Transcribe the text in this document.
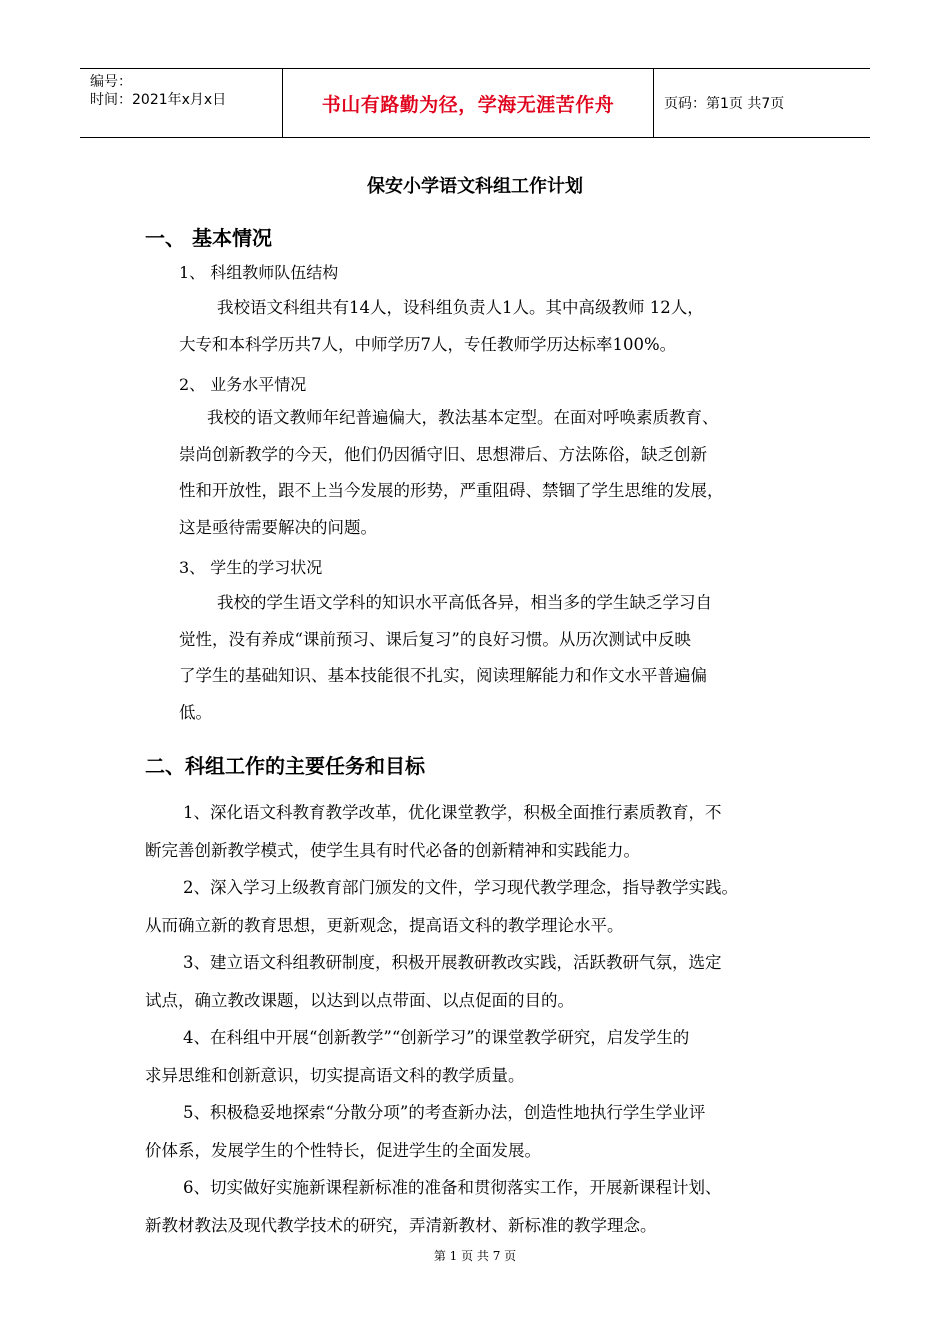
编号：
时间：2021年x月x日	书山有路勤为径，学海无涯苦作舟	页码：第1页 共7页
保安小学语文科组工作计划
一、 基本情况
1、 科组教师队伍结构
我校语文科组共有14人，设科组负责人1人。其中高级教师 12人，
大专和本科学历共7人，中师学历7人，专任教师学历达标率100%。
2、 业务水平情况
我校的语文教师年纪普遍偏大，教法基本定型。在面对呼唤素质教育、
崇尚创新教学的今天，他们仍因循守旧、思想滞后、方法陈俗，缺乏创新
性和开放性，跟不上当今发展的形势，严重阻碍、禁锢了学生思维的发展，
这是亟待需要解决的问题。
3、 学生的学习状况
我校的学生语文学科的知识水平高低各异，相当多的学生缺乏学习自
觉性，没有养成“课前预习、课后复习”的良好习惯。从历次测试中反映
了学生的基础知识、基本技能很不扎实，阅读理解能力和作文水平普遍偏
低。
二、科组工作的主要任务和目标
1、深化语文科教育教学改革，优化课堂教学，积极全面推行素质教育，不
断完善创新教学模式，使学生具有时代必备的创新精神和实践能力。
2、深入学习上级教育部门颁发的文件，学习现代教学理念，指导教学实践。
从而确立新的教育思想，更新观念，提高语文科的教学理论水平。
3、建立语文科组教研制度，积极开展教研教改实践，活跃教研气氛，选定
试点，确立教改课题，以达到以点带面、以点促面的目的。
4、在科组中开展“创新教学”“创新学习”的课堂教学研究，启发学生的
求异思维和创新意识，切实提高语文科的教学质量。
5、积极稳妥地探索“分散分项”的考查新办法，创造性地执行学生学业评
价体系，发展学生的个性特长，促进学生的全面发展。
6、切实做好实施新课程新标准的准备和贯彻落实工作，开展新课程计划、
新教材教法及现代教学技术的研究，弄清新教材、新标准的教学理念。
第 1 页 共 7 页
